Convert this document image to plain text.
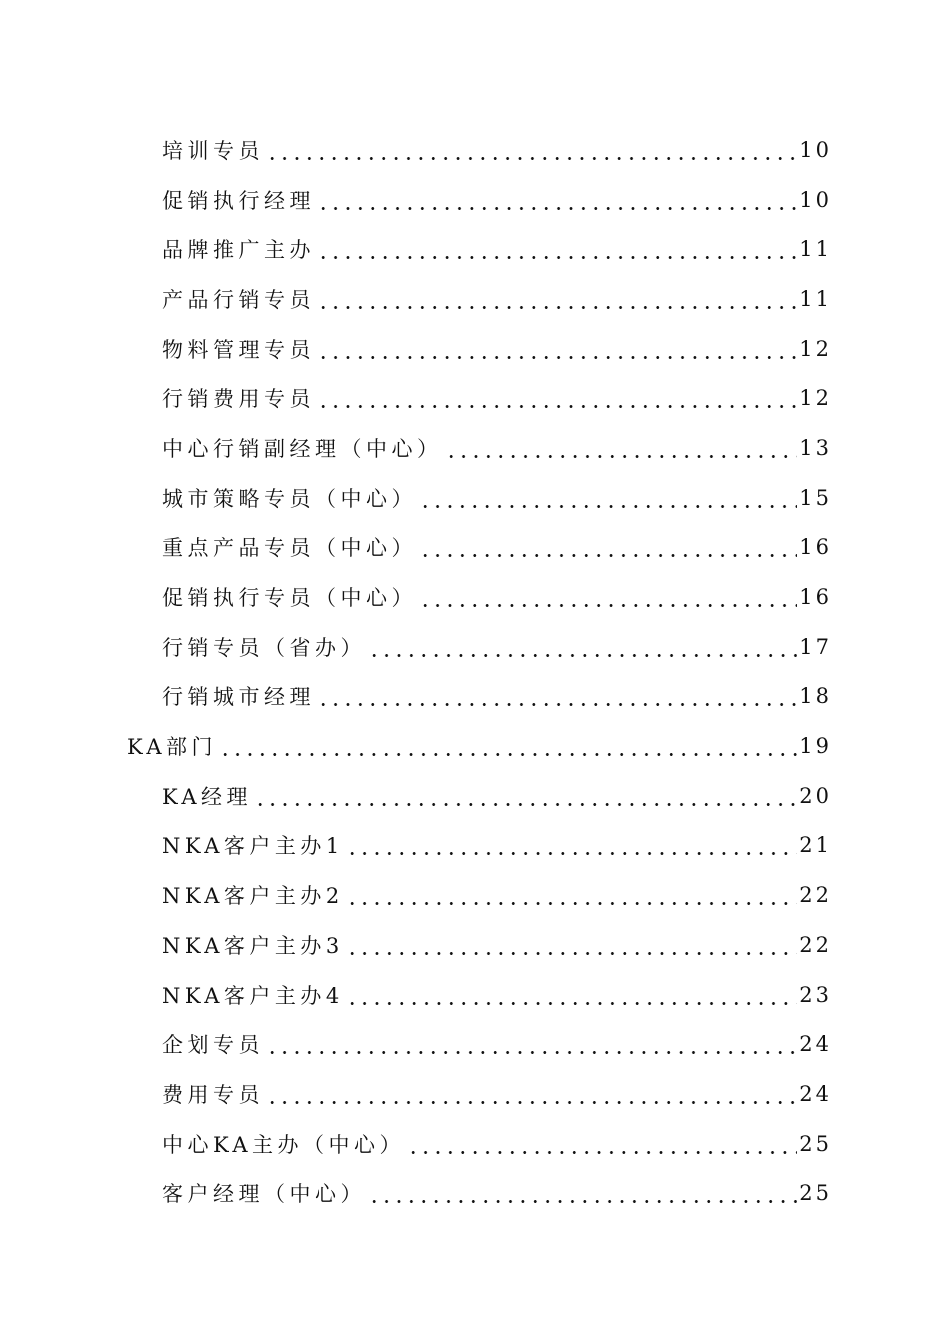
培训专员	10
促销执行经理	10
品牌推广主办	11
产品行销专员	11
物料管理专员	12
行销费用专员	12
中心行销副经理（中心）	13
城市策略专员（中心）	15
重点产品专员（中心）	16
促销执行专员（中心）	16
行销专员（省办）	17
行销城市经理	18
KA部门	19
KA经理	20
NKA客户主办1	21
NKA客户主办2	22
NKA客户主办3	22
NKA客户主办4	23
企划专员	24
费用专员	24
中心KA主办（中心）	25
客户经理（中心）	25
